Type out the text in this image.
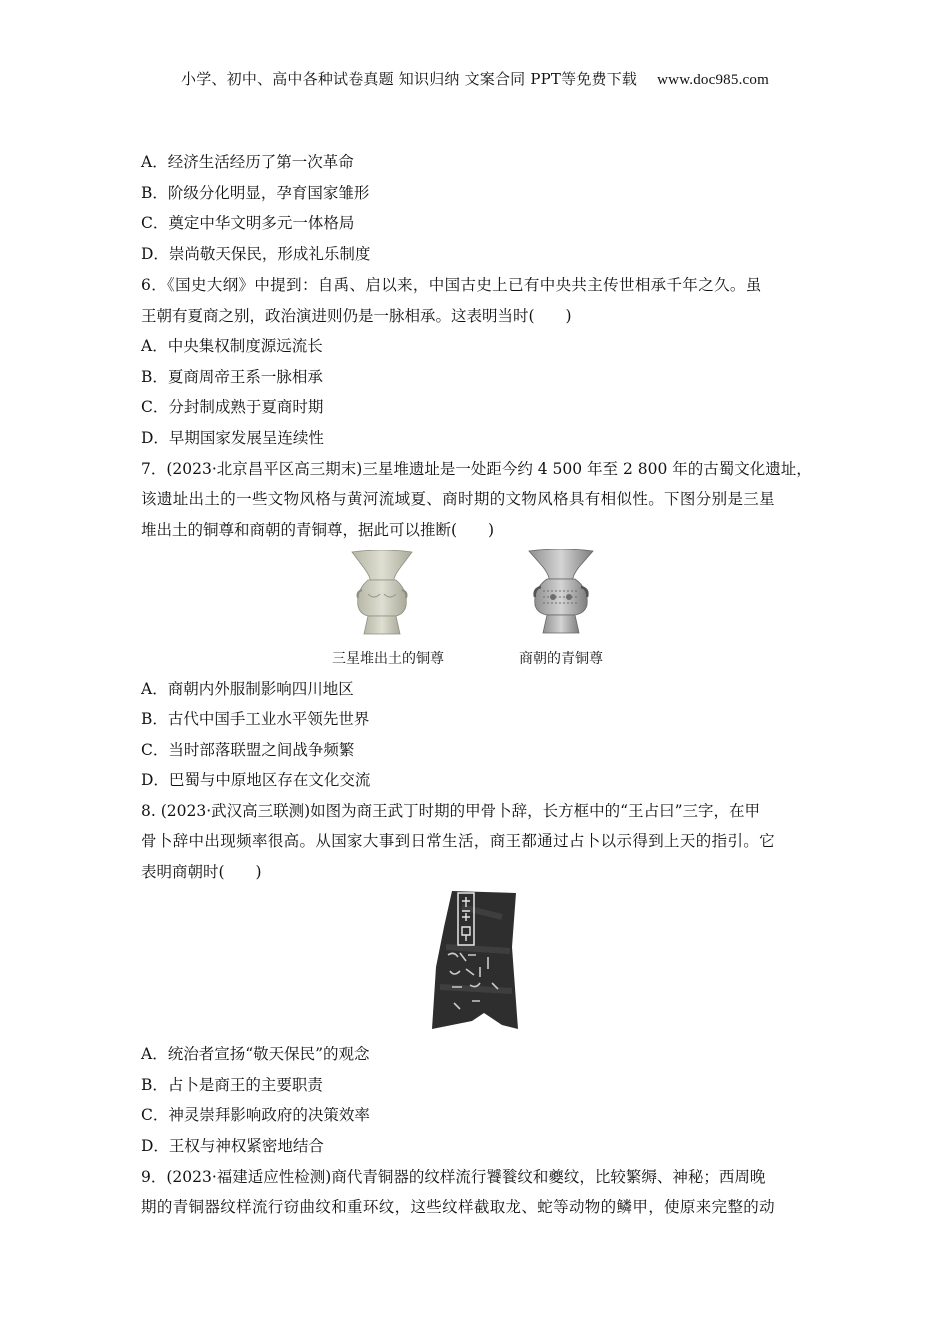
小学、初中、高中各种试卷真题 知识归纳 文案合同 PPT等免费下载 www.doc985.com
A．经济生活经历了第一次革命
B．阶级分化明显，孕育国家雏形
C．奠定中华文明多元一体格局
D．崇尚敬天保民，形成礼乐制度
6．《国史大纲》中提到：自禹、启以来，中国古史上已有中央共主传世相承千年之久。虽
王朝有夏商之别，政治演进则仍是一脉相承。这表明当时(　　)
A．中央集权制度源远流长
B．夏商周帝王系一脉相承
C．分封制成熟于夏商时期
D．早期国家发展呈连续性
7．(2023·北京昌平区高三期末)三星堆遗址是一处距今约 4 500 年至 2 800 年的古蜀文化遗址，
该遗址出土的一些文物风格与黄河流域夏、商时期的文物风格具有相似性。下图分别是三星
堆出土的铜尊和商朝的青铜尊，据此可以推断(　　)
三星堆出土的铜尊	商朝的青铜尊
A．商朝内外服制影响四川地区
B．古代中国手工业水平领先世界
C．当时部落联盟之间战争频繁
D．巴蜀与中原地区存在文化交流
8. (2023·武汉高三联测)如图为商王武丁时期的甲骨卜辞，长方框中的“王占曰”三字，在甲
骨卜辞中出现频率很高。从国家大事到日常生活，商王都通过占卜以示得到上天的指引。它
表明商朝时(　　)
A．统治者宣扬“敬天保民”的观念
B．占卜是商王的主要职责
C．神灵崇拜影响政府的决策效率
D．王权与神权紧密地结合
9．(2023·福建适应性检测)商代青铜器的纹样流行饕餮纹和夔纹，比较繁缛、神秘；西周晚
期的青铜器纹样流行窃曲纹和重环纹，这些纹样截取龙、蛇等动物的鳞甲，使原来完整的动
